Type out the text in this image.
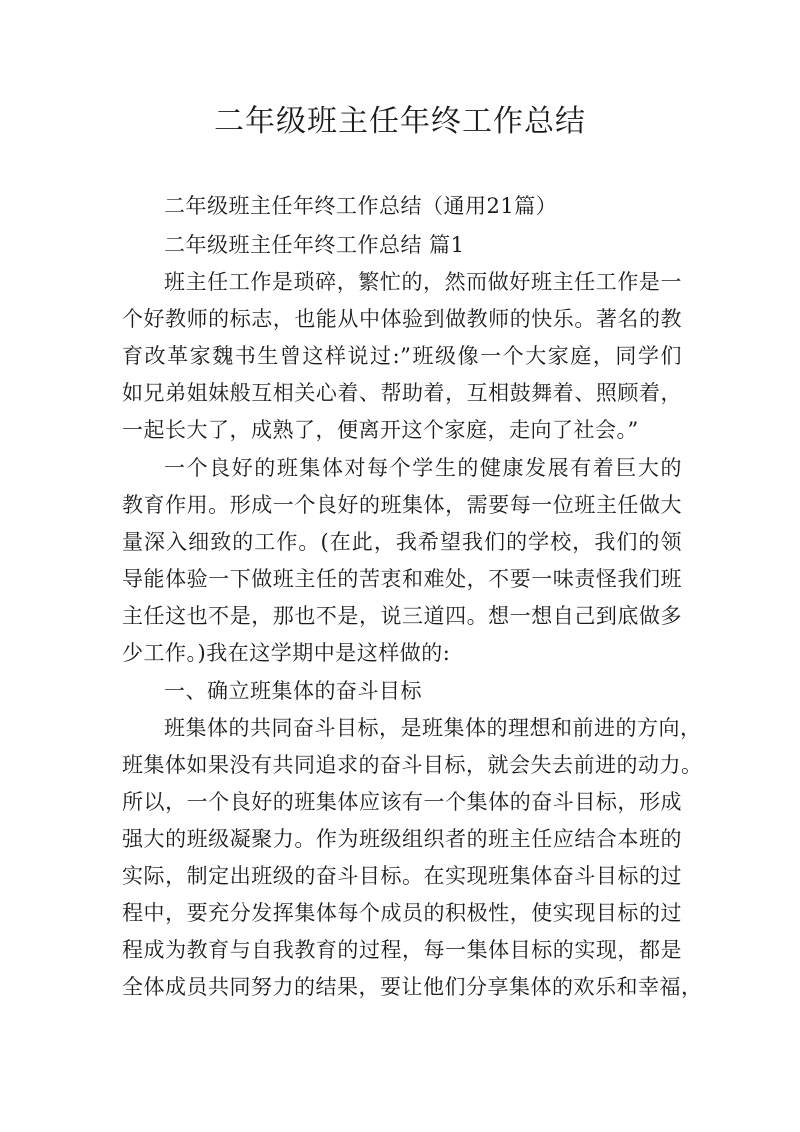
二年级班主任年终工作总结

二年级班主任年终工作总结（通用21篇）

二年级班主任年终工作总结 篇1

班主任工作是琐碎，繁忙的，然而做好班主任工作是一

个好教师的标志，也能从中体验到做教师的快乐。著名的教

育改革家魏书生曾这样说过:”班级像一个大家庭，同学们

如兄弟姐妹般互相关心着、帮助着，互相鼓舞着、照顾着，

一起长大了，成熟了，便离开这个家庭，走向了社会。”

一个良好的班集体对每个学生的健康发展有着巨大的

教育作用。形成一个良好的班集体，需要每一位班主任做大

量深入细致的工作。(在此，我希望我们的学校，我们的领

导能体验一下做班主任的苦衷和难处，不要一味责怪我们班

主任这也不是，那也不是，说三道四。想一想自己到底做多

少工作。)我在这学期中是这样做的:

一、确立班集体的奋斗目标

班集体的共同奋斗目标，是班集体的理想和前进的方向，

班集体如果没有共同追求的奋斗目标，就会失去前进的动力。

所以，一个良好的班集体应该有一个集体的奋斗目标，形成

强大的班级凝聚力。作为班级组织者的班主任应结合本班的

实际，制定出班级的奋斗目标。在实现班集体奋斗目标的过

程中，要充分发挥集体每个成员的积极性，使实现目标的过

程成为教育与自我教育的过程，每一集体目标的实现，都是

全体成员共同努力的结果，要让他们分享集体的欢乐和幸福，
